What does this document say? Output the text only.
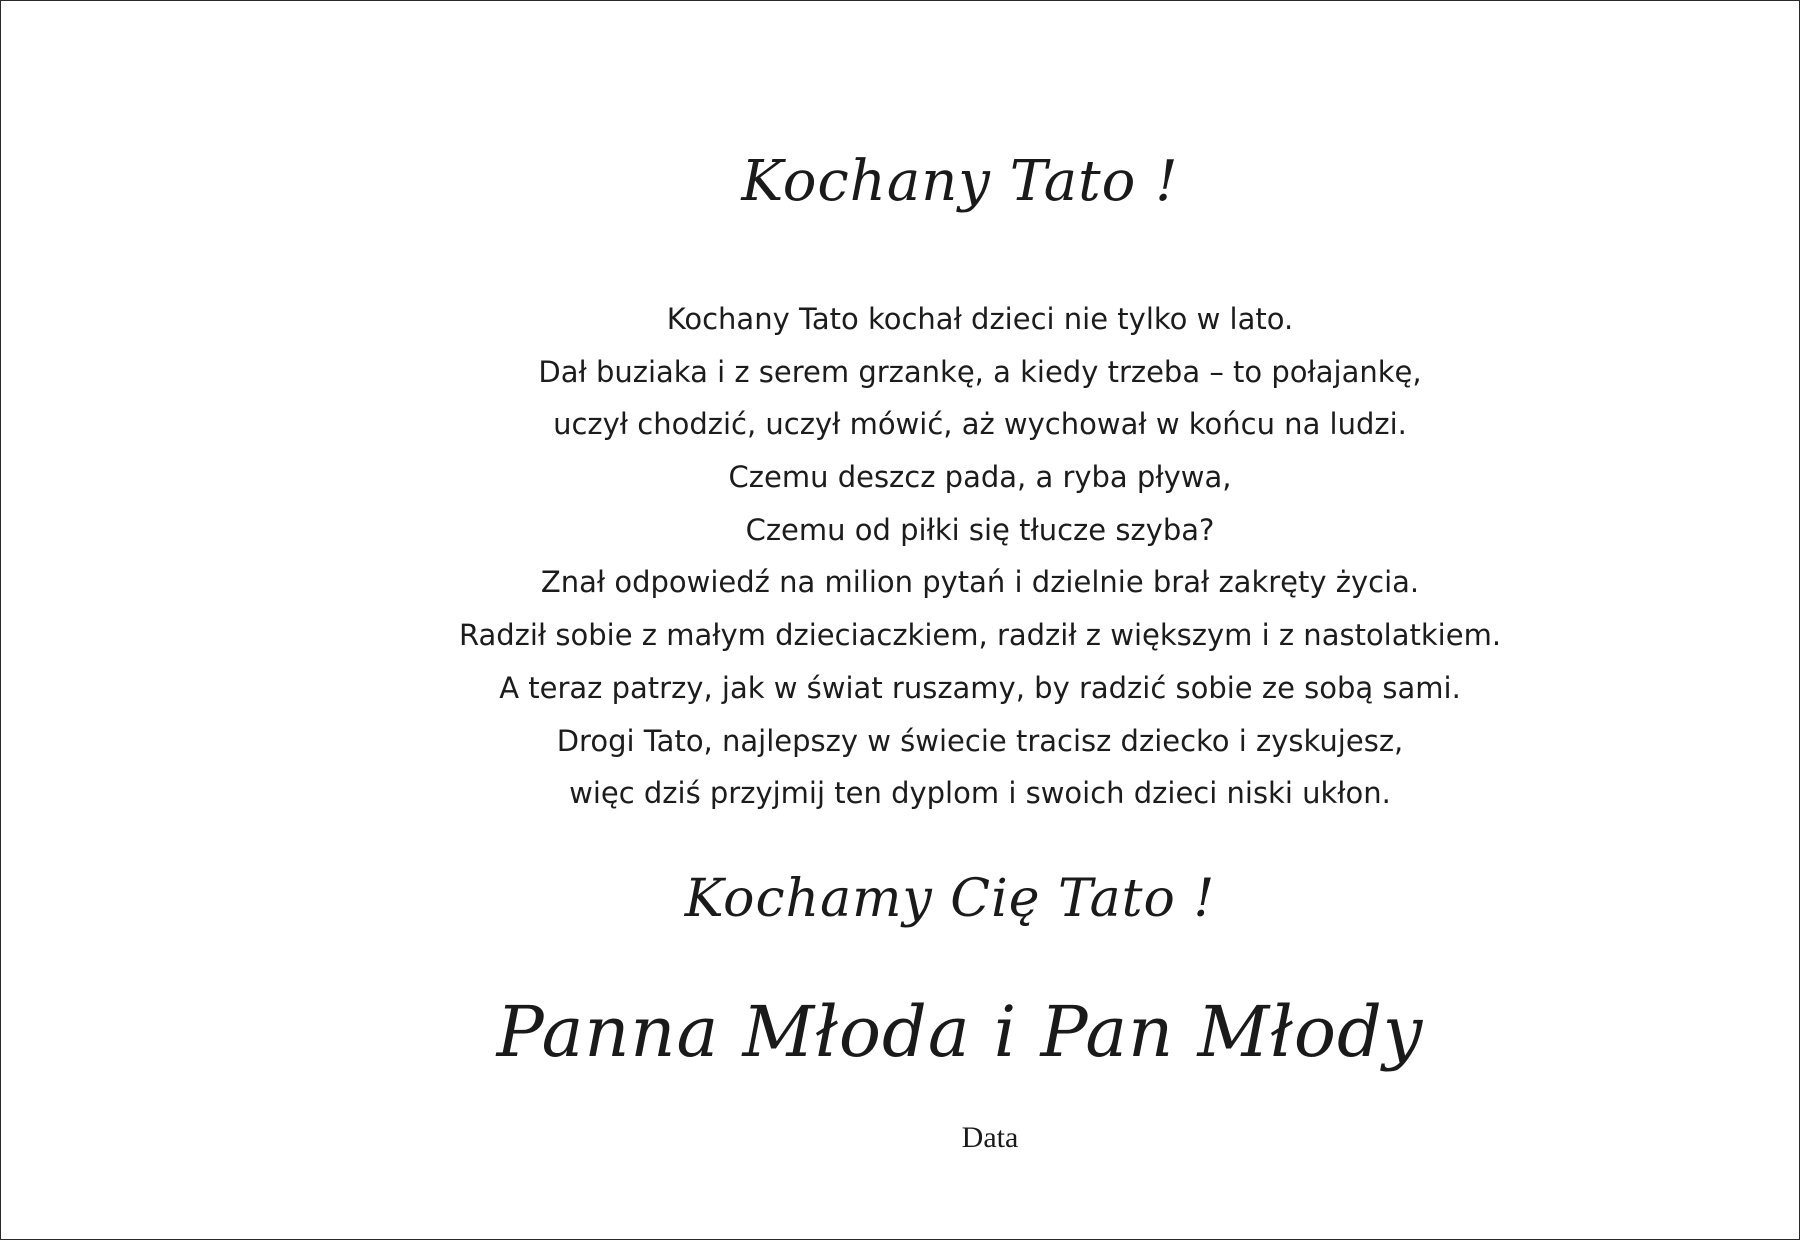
Kochany Tato !
Kochany Tato kochał dzieci nie tylko w lato.
Dał buziaka i z serem grzankę, a kiedy trzeba – to połajankę,
uczył chodzić, uczył mówić, aż wychował w końcu na ludzi.
Czemu deszcz pada, a ryba pływa,
Czemu od piłki się tłucze szyba?
Znał odpowiedź na milion pytań i dzielnie brał zakręty życia.
Radził sobie z małym dzieciaczkiem, radził z większym i z nastolatkiem.
A teraz patrzy, jak w świat ruszamy, by radzić sobie ze sobą sami.
Drogi Tato, najlepszy w świecie tracisz dziecko i zyskujesz,
więc dziś przyjmij ten dyplom i swoich dzieci niski ukłon.
Kochamy Cię Tato !
Panna Młoda i Pan Młody
Data
